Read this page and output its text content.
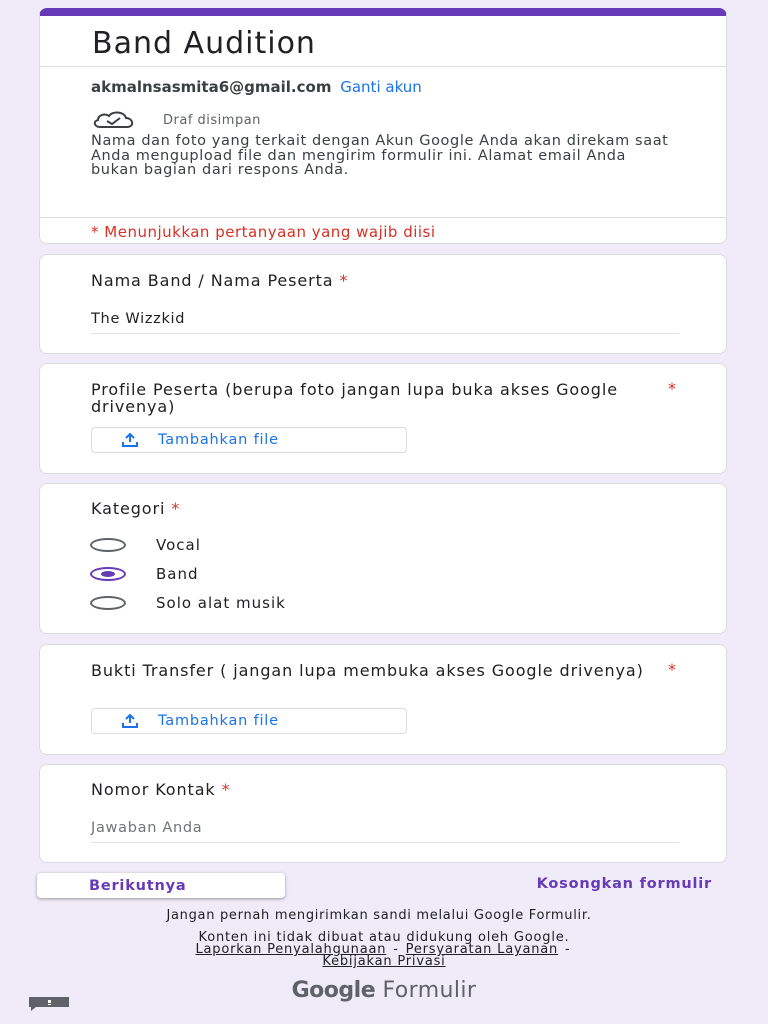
Band Audition
akmalnsasmita6@gmail.com Ganti akun
Draf disimpan
Nama dan foto yang terkait dengan Akun Google Anda akan direkam saat Anda mengupload file dan mengirim formulir ini. Alamat email Anda bukan bagian dari respons Anda.
* Menunjukkan pertanyaan yang wajib diisi
Nama Band / Nama Peserta *
The Wizzkid
Profile Peserta (berupa foto jangan lupa buka akses Google drivenya)
*
Tambahkan file
Kategori *
Vocal
Band
Solo alat musik
Bukti Transfer ( jangan lupa membuka akses Google drivenya)	*
Tambahkan file
Nomor Kontak *
Jawaban Anda
Berikutnya	Kosongkan formulir
Jangan pernah mengirimkan sandi melalui Google Formulir.
Konten ini tidak dibuat atau didukung oleh Google.
Laporkan Penyalahgunaan - Persyaratan Layanan -
Kebijakan Privasi
Google Formulir
